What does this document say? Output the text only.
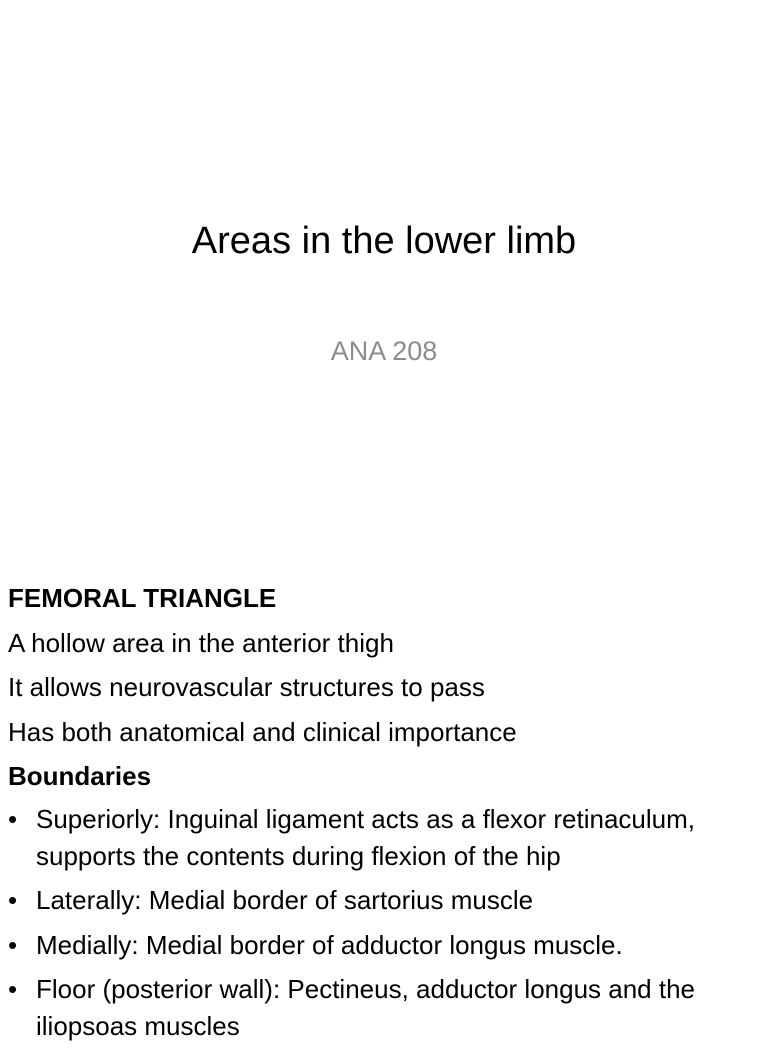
Areas in the lower limb
ANA 208

FEMORAL TRIANGLE

A hollow area in the anterior thigh

It allows neurovascular structures to pass

Has both anatomical and clinical importance

Boundaries

• Superiorly: Inguinal ligament acts as a flexor retinaculum, supports the contents during flexion of the hip
• Laterally: Medial border of sartorius muscle
• Medially: Medial border of adductor longus muscle.
• Floor (posterior wall): Pectineus, adductor longus and the iliopsoas muscles
